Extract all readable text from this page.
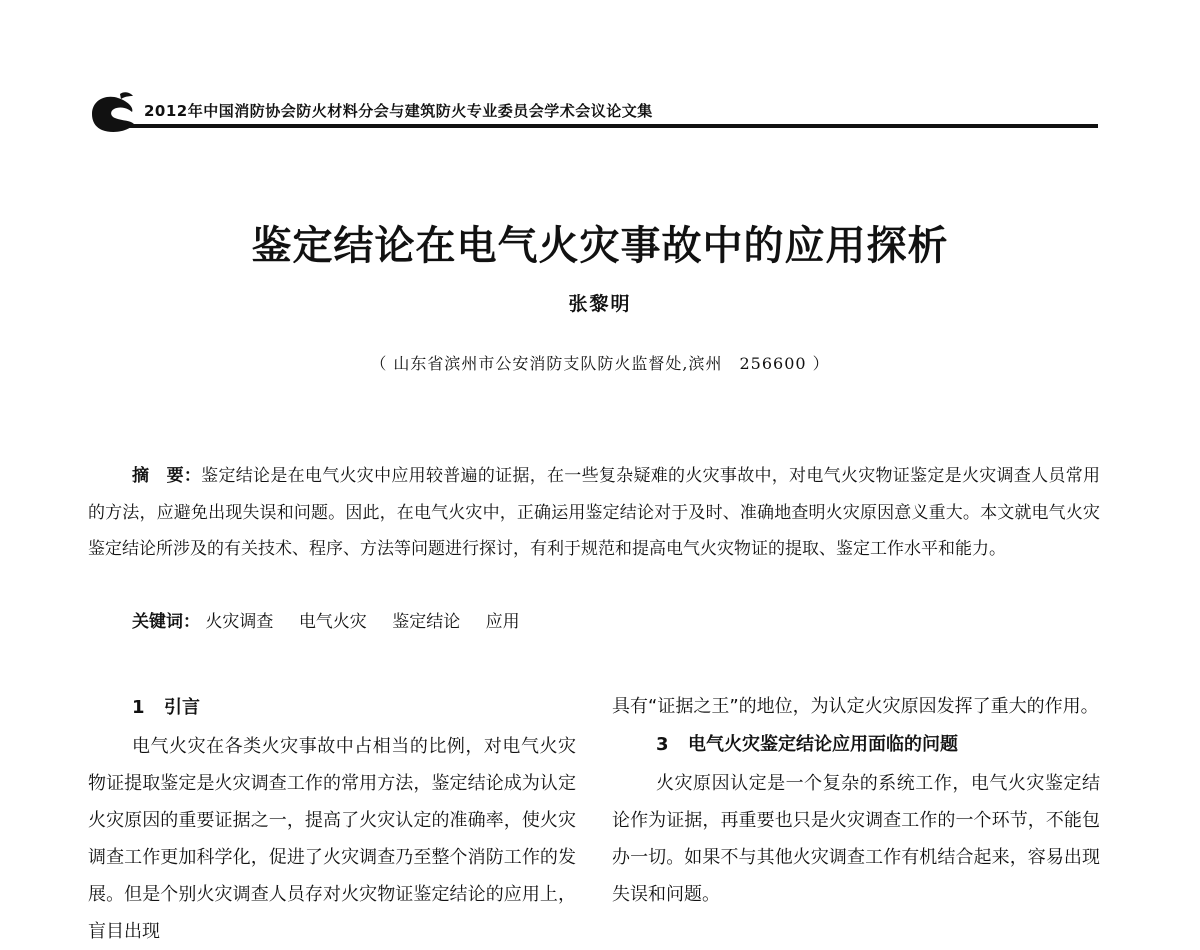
2012年中国消防协会防火材料分会与建筑防火专业委员会学术会议论文集
鉴定结论在电气火灾事故中的应用探析
张黎明
（ 山东省滨州市公安消防支队防火监督处,滨州　256600 ）

摘　要：鉴定结论是在电气火灾中应用较普遍的证据，在一些复杂疑难的火灾事故中，对电气火灾物证鉴定是火灾调查人员常用的方法，应避免出现失误和问题。因此，在电气火灾中，正确运用鉴定结论对于及时、准确地查明火灾原因意义重大。本文就电气火灾鉴定结论所涉及的有关技术、程序、方法等问题进行探讨，有利于规范和提高电气火灾物证的提取、鉴定工作水平和能力。

关键词： 火灾调查 电气火灾 鉴定结论 应用
1 引言

电气火灾在各类火灾事故中占相当的比例，对电气火灾物证提取鉴定是火灾调查工作的常用方法，鉴定结论成为认定火灾原因的重要证据之一，提高了火灾认定的准确率，使火灾调查工作更加科学化，促进了火灾调查乃至整个消防工作的发展。但是个别火灾调查人员存对火灾物证鉴定结论的应用上，盲目出现

具有“证据之王”的地位，为认定火灾原因发挥了重大的作用。

3 电气火灾鉴定结论应用面临的问题

火灾原因认定是一个复杂的系统工作，电气火灾鉴定结论作为证据，再重要也只是火灾调查工作的一个环节，不能包办一切。如果不与其他火灾调查工作有机结合起来，容易出现失误和问题。
